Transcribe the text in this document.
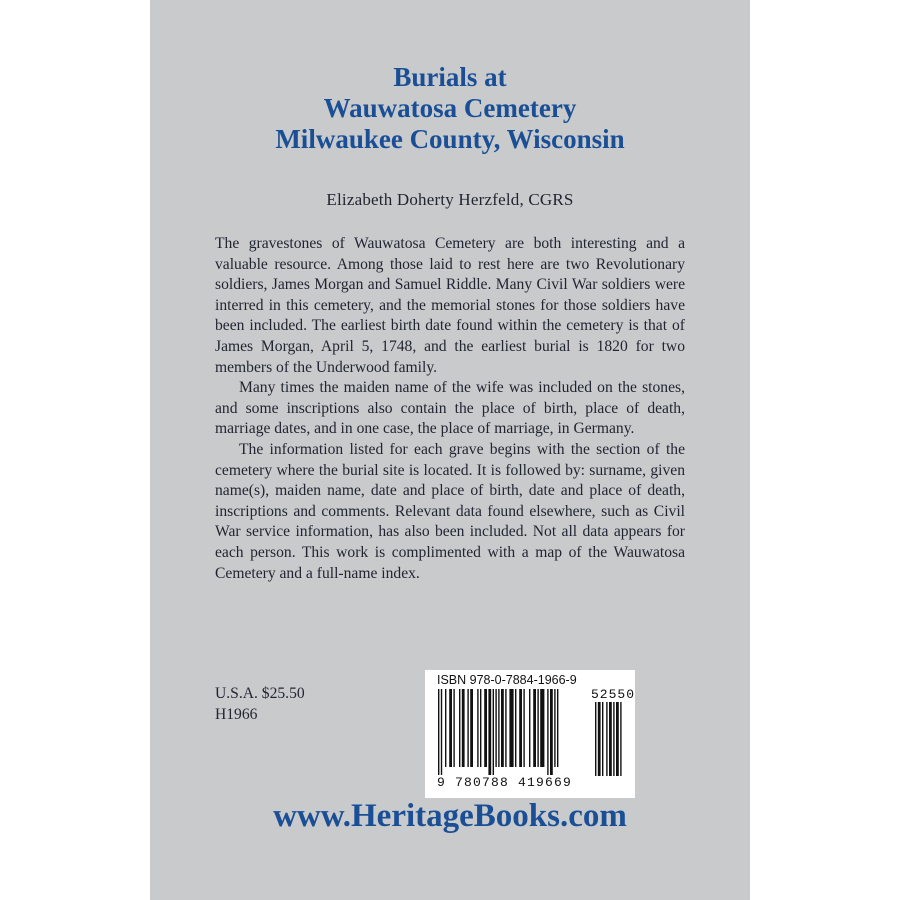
Burials at
Wauwatosa Cemetery
Milwaukee County, Wisconsin
Elizabeth Doherty Herzfeld, CGRS

The gravestones of Wauwatosa Cemetery are both interesting and a valuable resource. Among those laid to rest here are two Revolutionary soldiers, James Morgan and Samuel Riddle. Many Civil War soldiers were interred in this cemetery, and the memorial stones for those soldiers have been included. The earliest birth date found within the cemetery is that of James Morgan, April 5, 1748, and the earliest burial is 1820 for two members of the Underwood family.

Many times the maiden name of the wife was included on the stones, and some inscriptions also contain the place of birth, place of death, marriage dates, and in one case, the place of marriage, in Germany.

The information listed for each grave begins with the section of the cemetery where the burial site is located. It is followed by: surname, given name(s), maiden name, date and place of birth, date and place of death, inscriptions and comments. Relevant data found elsewhere, such as Civil War service information, has also been included. Not all data appears for each person. This work is complimented with a map of the Wauwatosa Cemetery and a full-name index.

U.S.A. $25.50
H1966
ISBN 978-0-7884-1966-9
52550
9 780788 419669
www.HeritageBooks.com
